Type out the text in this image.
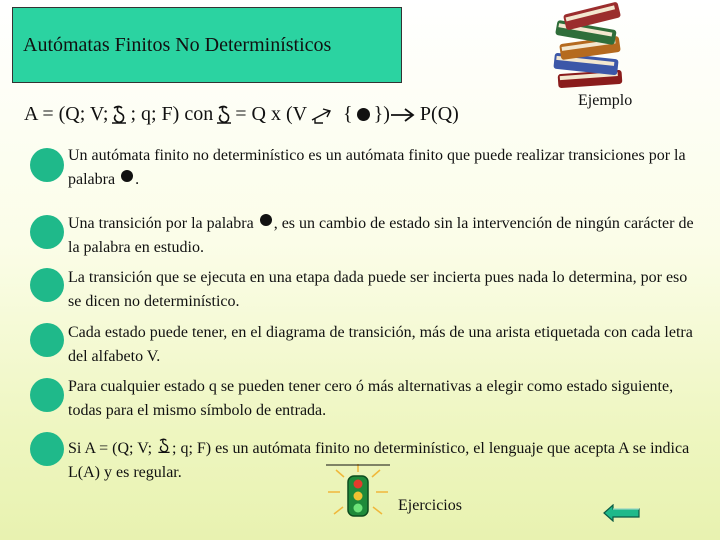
Autómatas Finitos No Determinísticos
Ejemplo
A = (Q; V; ; q; F) con = Q x (V { }) P(Q)
Un autómata finito no determinístico es un autómata finito que puede realizar transiciones por la palabra .
Una transición por la palabra , es un cambio de estado sin la intervención de ningún carácter de la palabra en estudio.
La transición que se ejecuta en una etapa dada puede ser incierta pues nada lo determina, por eso se dicen no determinístico.
Cada estado puede tener, en el diagrama de transición, más de una arista etiquetada con cada letra del alfabeto V.
Para cualquier estado q se pueden tener cero ó más alternativas a elegir como estado siguiente, todas para el mismo símbolo de entrada.
Si A = (Q; V; ; q; F) es un autómata finito no determinístico, el lenguaje que acepta A se indica L(A) y es regular.
Ejercicios
